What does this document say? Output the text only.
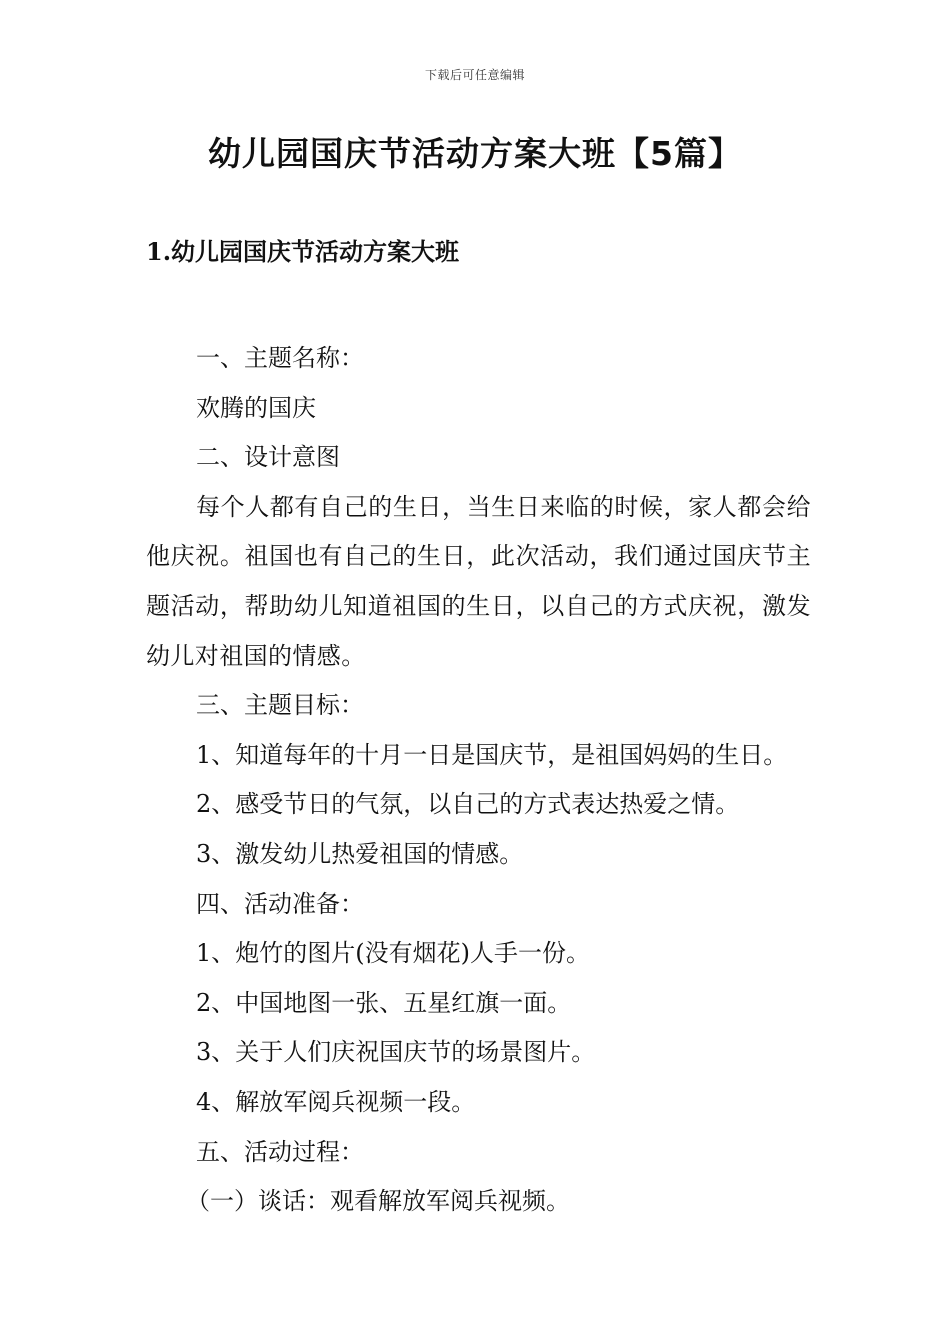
下载后可任意编辑
幼儿园国庆节活动方案大班【5篇】
1.幼儿园国庆节活动方案大班

一、主题名称：

欢腾的国庆

二、设计意图

每个人都有自己的生日，当生日来临的时候，家人都会给他庆祝。祖国也有自己的生日，此次活动，我们通过国庆节主题活动，帮助幼儿知道祖国的生日，以自己的方式庆祝，激发幼儿对祖国的情感。

三、主题目标：

1、知道每年的十月一日是国庆节，是祖国妈妈的生日。

2、感受节日的气氛，以自己的方式表达热爱之情。

3、激发幼儿热爱祖国的情感。

四、活动准备：

1、炮竹的图片(没有烟花)人手一份。

2、中国地图一张、五星红旗一面。

3、关于人们庆祝国庆节的场景图片。

4、解放军阅兵视频一段。

五、活动过程：

（一）谈话：观看解放军阅兵视频。
